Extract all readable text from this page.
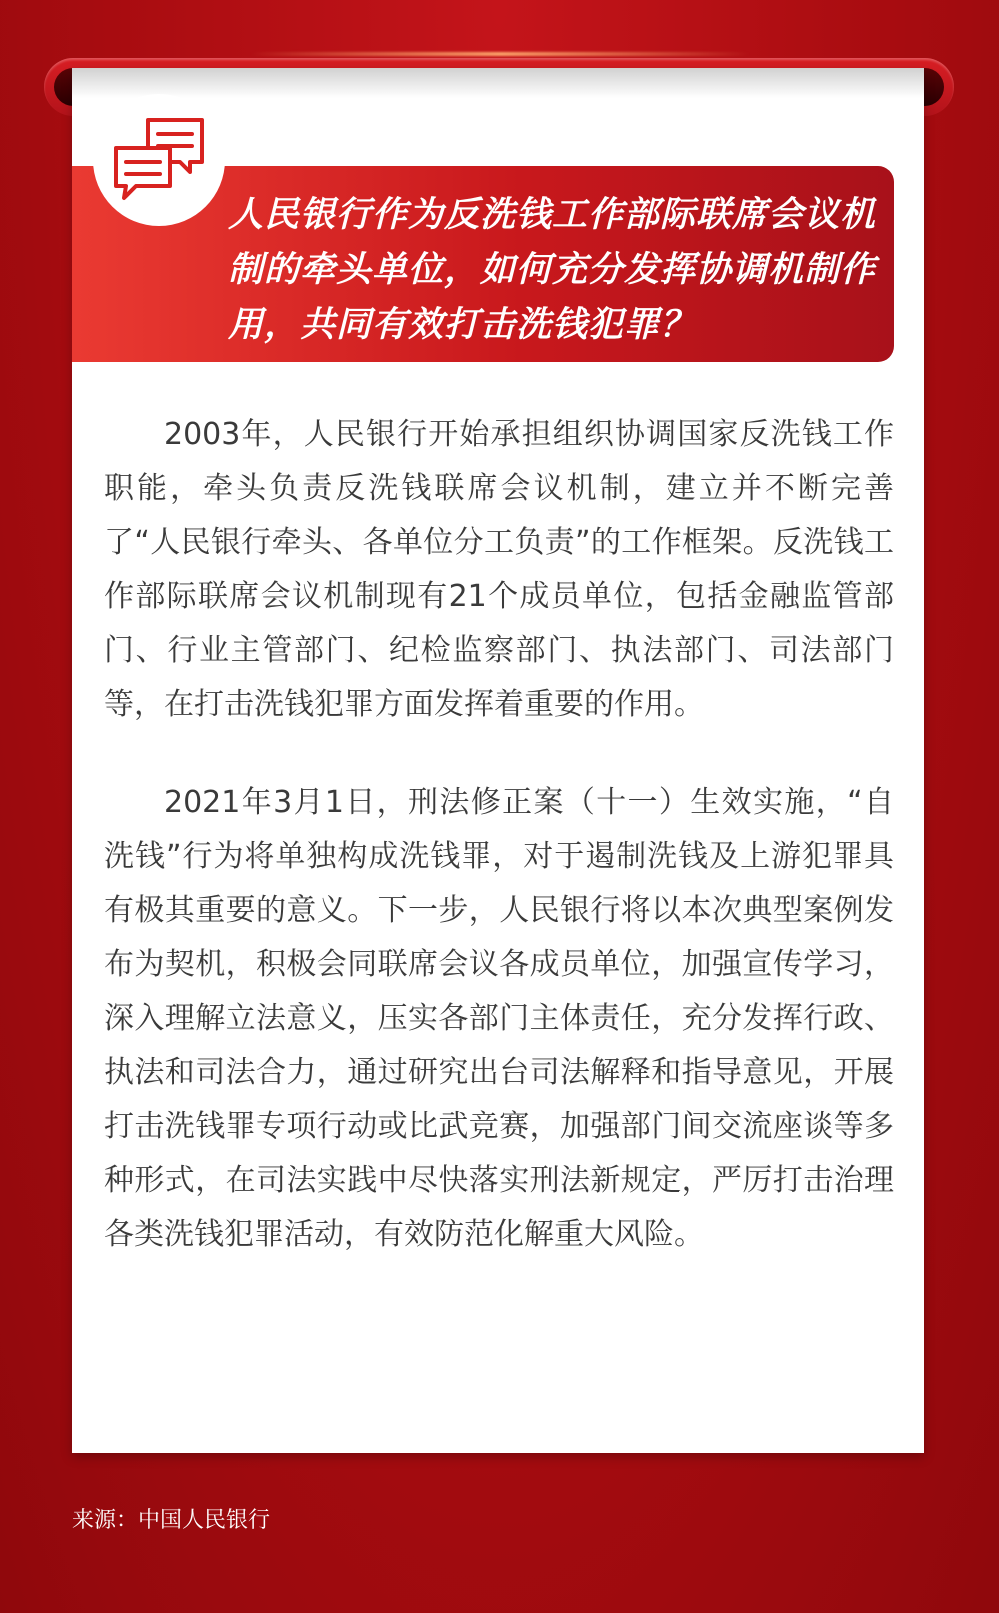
人民银行作为反洗钱工作部际联席会议机制的牵头单位，如何充分发挥协调机制作用，共同有效打击洗钱犯罪？

2003年，人民银行开始承担组织协调国家反洗钱工作职能，牵头负责反洗钱联席会议机制，建立并不断完善了“人民银行牵头、各单位分工负责”的工作框架。反洗钱工作部际联席会议机制现有21个成员单位，包括金融监管部门、行业主管部门、纪检监察部门、执法部门、司法部门等，在打击洗钱犯罪方面发挥着重要的作用。

2021年3月1日，刑法修正案（十一）生效实施，“自洗钱”行为将单独构成洗钱罪，对于遏制洗钱及上游犯罪具有极其重要的意义。下一步，人民银行将以本次典型案例发布为契机，积极会同联席会议各成员单位，加强宣传学习，深入理解立法意义，压实各部门主体责任，充分发挥行政、执法和司法合力，通过研究出台司法解释和指导意见，开展打击洗钱罪专项行动或比武竞赛，加强部门间交流座谈等多种形式，在司法实践中尽快落实刑法新规定，严厉打击治理各类洗钱犯罪活动，有效防范化解重大风险。

来源：中国人民银行
